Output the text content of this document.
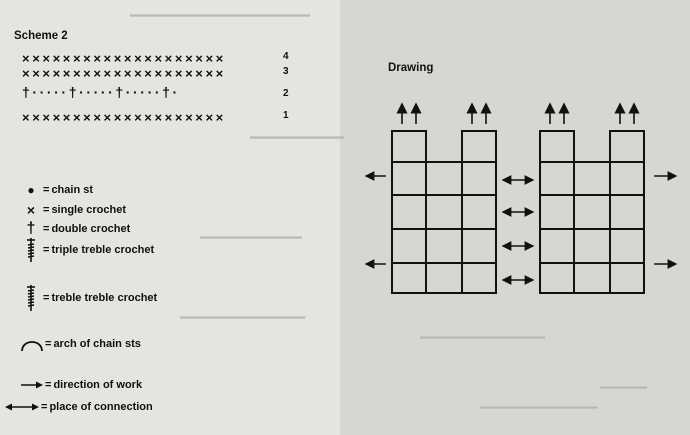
━━━━━━━━━━━━━━━━━━━━━━━
━━━━━━━━━━━━
━━━━━━━━━━━━━
━━━━━━━━━━━━━━━━
━━━━━━━━━━━━━━━━
━━━━━━
━━━━━━━━━━━━━━━
Scheme 2
××××××××××××××××××××	4
××××××××××××××××××××	3
†·····†·····†·····†·	2
××××××××××××××××××××	1
● = chain st
× = single crochet
† = double crochet
= triple treble crochet
= treble treble crochet
= arch of chain sts
= direction of work
= place of connection
Drawing
